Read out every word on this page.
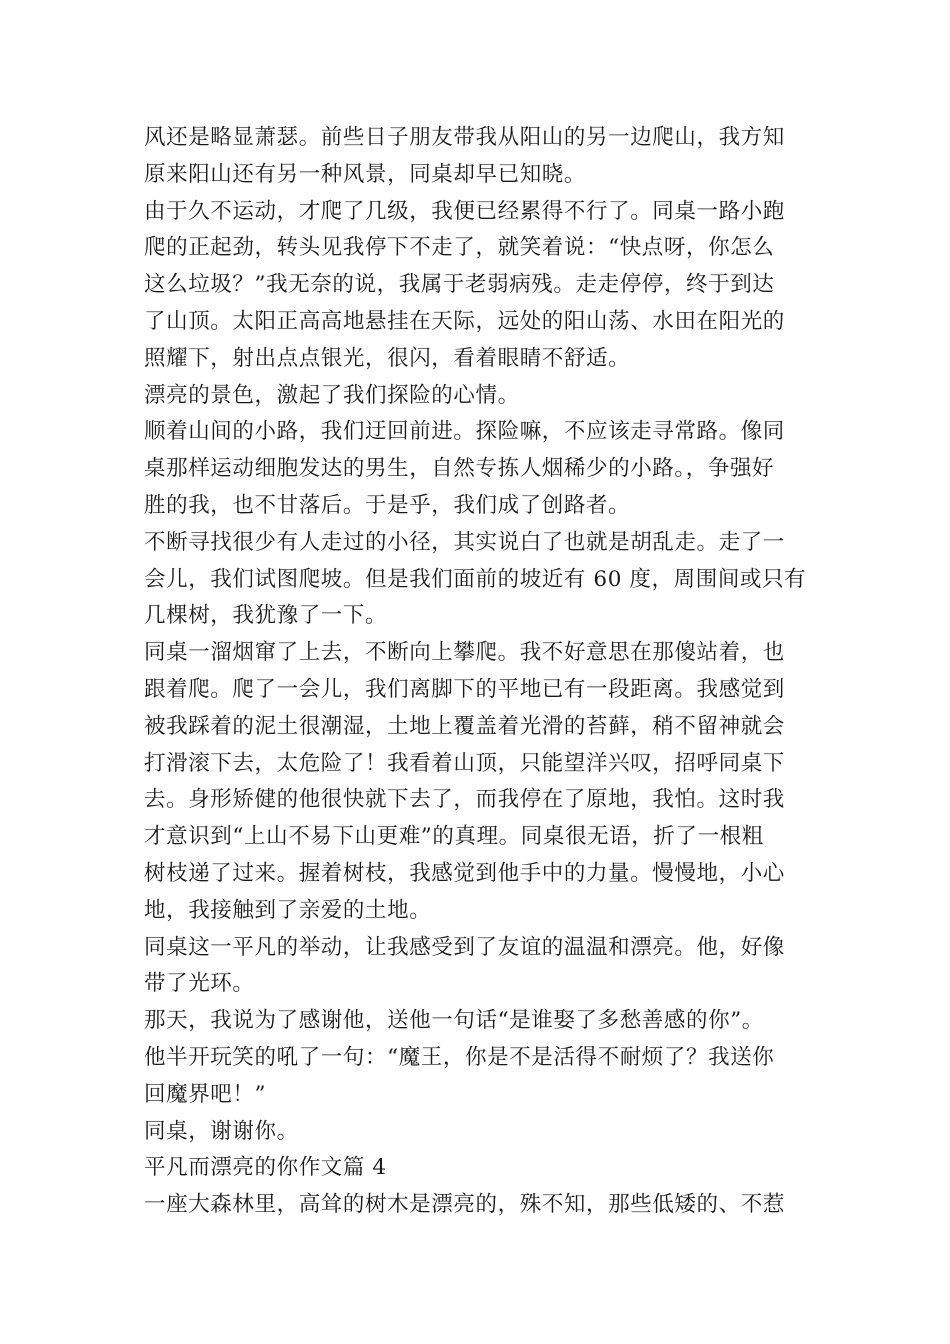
风还是略显萧瑟。前些日子朋友带我从阳山的另一边爬山，我方知
原来阳山还有另一种风景，同桌却早已知晓。
由于久不运动，才爬了几级，我便已经累得不行了。同桌一路小跑
爬的正起劲，转头见我停下不走了，就笑着说：“快点呀，你怎么
这么垃圾？”我无奈的说，我属于老弱病残。走走停停，终于到达
了山顶。太阳正高高地悬挂在天际，远处的阳山荡、水田在阳光的
照耀下，射出点点银光，很闪，看着眼睛不舒适。
漂亮的景色，激起了我们探险的心情。
顺着山间的小路，我们迂回前进。探险嘛，不应该走寻常路。像同
桌那样运动细胞发达的男生，自然专拣人烟稀少的小路。，争强好
胜的我，也不甘落后。于是乎，我们成了创路者。
不断寻找很少有人走过的小径，其实说白了也就是胡乱走。走了一
会儿，我们试图爬坡。但是我们面前的坡近有 60 度，周围间或只有
几棵树，我犹豫了一下。
同桌一溜烟窜了上去，不断向上攀爬。我不好意思在那傻站着，也
跟着爬。爬了一会儿，我们离脚下的平地已有一段距离。我感觉到
被我踩着的泥土很潮湿，土地上覆盖着光滑的苔藓，稍不留神就会
打滑滚下去，太危险了！我看着山顶，只能望洋兴叹，招呼同桌下
去。身形矫健的他很快就下去了，而我停在了原地，我怕。这时我
才意识到“上山不易下山更难”的真理。同桌很无语，折了一根粗
树枝递了过来。握着树枝，我感觉到他手中的力量。慢慢地，小心
地，我接触到了亲爱的土地。
同桌这一平凡的举动，让我感受到了友谊的温温和漂亮。他，好像
带了光环。
那天，我说为了感谢他，送他一句话“是谁娶了多愁善感的你”。
他半开玩笑的吼了一句：“魔王，你是不是活得不耐烦了？我送你
回魔界吧！”
同桌，谢谢你。
平凡而漂亮的你作文篇 4
一座大森林里，高耸的树木是漂亮的，殊不知，那些低矮的、不惹
